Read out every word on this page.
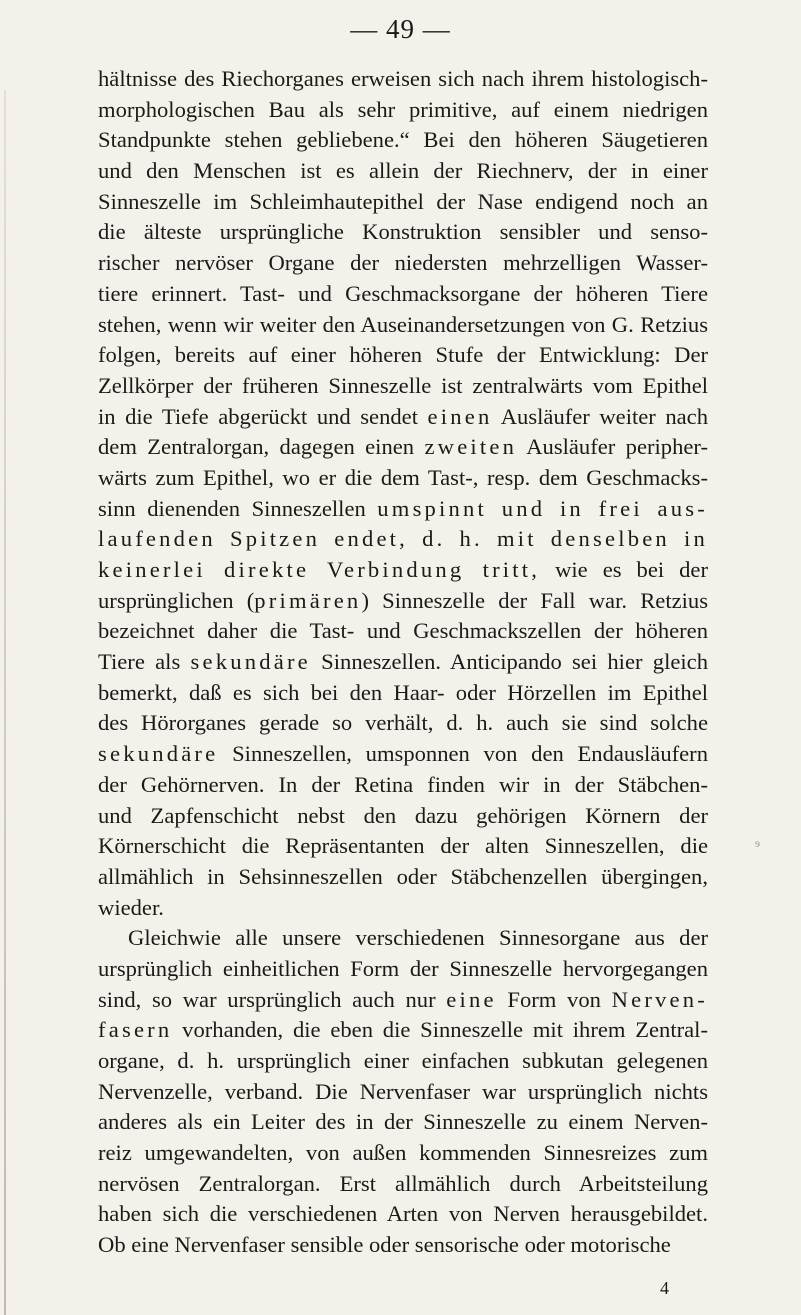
— 49 —
hältnisse des Riechorganes erweisen sich nach ihrem histologisch-
morphologischen Bau als sehr primitive, auf einem niedrigen
Standpunkte stehen gebliebene.“ Bei den höheren Säugetieren
und den Menschen ist es allein der Riechnerv, der in einer
Sinneszelle im Schleimhautepithel der Nase endigend noch an
die älteste ursprüngliche Konstruktion sensibler und senso-
rischer nervöser Organe der niedersten mehrzelligen Wasser-
tiere erinnert. Tast- und Geschmacksorgane der höheren Tiere
stehen, wenn wir weiter den Auseinandersetzungen von G. Retzius
folgen, bereits auf einer höheren Stufe der Entwicklung: Der
Zellkörper der früheren Sinneszelle ist zentralwärts vom Epithel
in die Tiefe abgerückt und sendet einen Ausläufer weiter nach
dem Zentralorgan, dagegen einen zweiten Ausläufer peripher-
wärts zum Epithel, wo er die dem Tast-, resp. dem Geschmacks-
sinn dienenden Sinneszellen umspinnt und in frei aus-
laufenden Spitzen endet, d. h. mit denselben in
keinerlei direkte Verbindung tritt, wie es bei der
ursprünglichen (primären) Sinneszelle der Fall war. Retzius
bezeichnet daher die Tast- und Geschmackszellen der höheren
Tiere als sekundäre Sinneszellen. Anticipando sei hier gleich
bemerkt, daß es sich bei den Haar- oder Hörzellen im Epithel
des Hörorganes gerade so verhält, d. h. auch sie sind solche
sekundäre Sinneszellen, umsponnen von den Endausläufern
der Gehörnerven. In der Retina finden wir in der Stäbchen-
und Zapfenschicht nebst den dazu gehörigen Körnern der
Körnerschicht die Repräsentanten der alten Sinneszellen, die
allmählich in Sehsinneszellen oder Stäbchenzellen übergingen,
wieder.
Gleichwie alle unsere verschiedenen Sinnesorgane aus der
ursprünglich einheitlichen Form der Sinneszelle hervorgegangen
sind, so war ursprünglich auch nur eine Form von Nerven-
fasern vorhanden, die eben die Sinneszelle mit ihrem Zentral-
organe, d. h. ursprünglich einer einfachen subkutan gelegenen
Nervenzelle, verband. Die Nervenfaser war ursprünglich nichts
anderes als ein Leiter des in der Sinneszelle zu einem Nerven-
reiz umgewandelten, von außen kommenden Sinnesreizes zum
nervösen Zentralorgan. Erst allmählich durch Arbeitsteilung
haben sich die verschiedenen Arten von Nerven herausgebildet.
Ob eine Nervenfaser sensible oder sensorische oder motorische
⁹
4
